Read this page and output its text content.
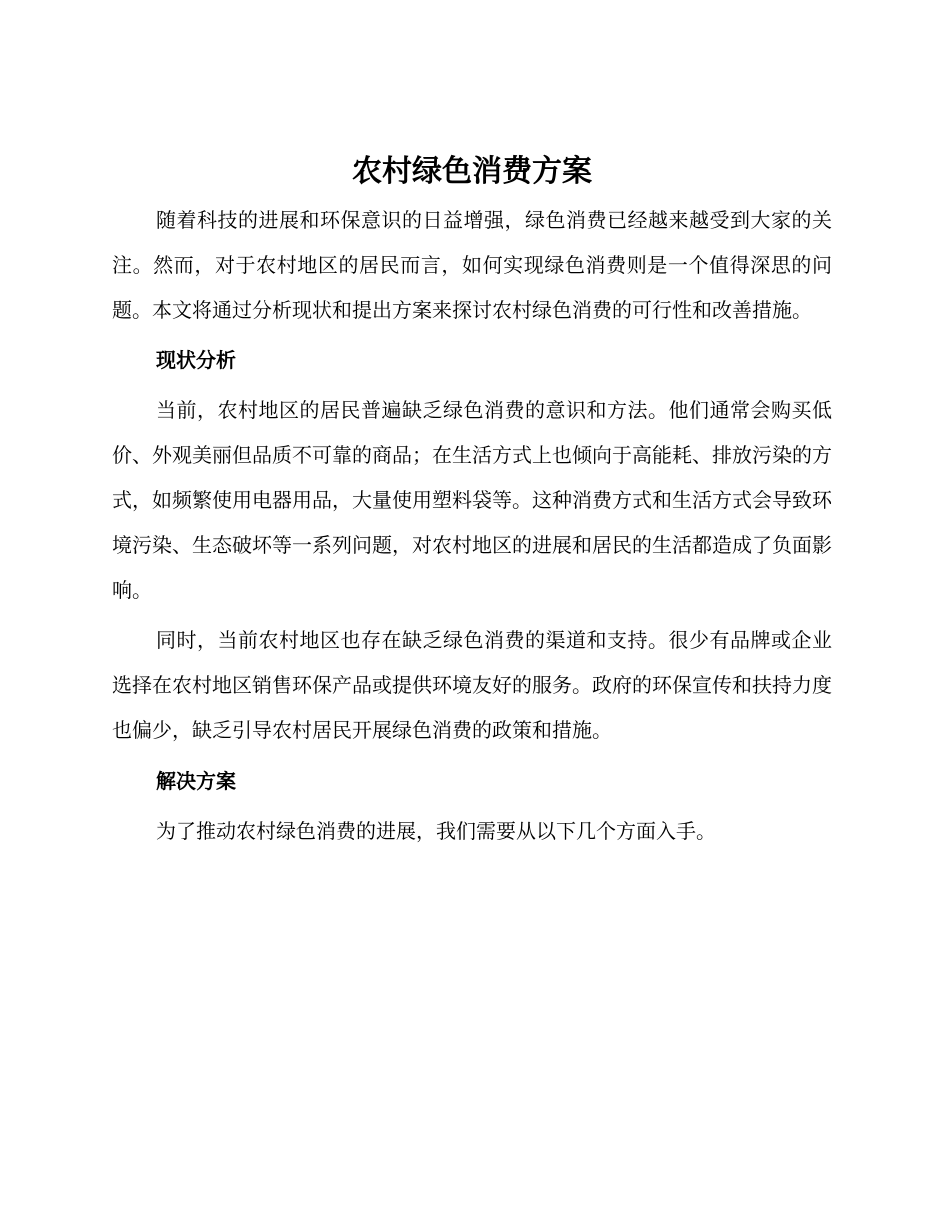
农村绿色消费方案

随着科技的进展和环保意识的日益增强，绿色消费已经越来越受到大家的关注。然而，对于农村地区的居民而言，如何实现绿色消费则是一个值得深思的问题。本文将通过分析现状和提出方案来探讨农村绿色消费的可行性和改善措施。

现状分析

当前，农村地区的居民普遍缺乏绿色消费的意识和方法。他们通常会购买低价、外观美丽但品质不可靠的商品；在生活方式上也倾向于高能耗、排放污染的方式，如频繁使用电器用品，大量使用塑料袋等。这种消费方式和生活方式会导致环境污染、生态破坏等一系列问题，对农村地区的进展和居民的生活都造成了负面影响。

同时，当前农村地区也存在缺乏绿色消费的渠道和支持。很少有品牌或企业选择在农村地区销售环保产品或提供环境友好的服务。政府的环保宣传和扶持力度也偏少，缺乏引导农村居民开展绿色消费的政策和措施。

解决方案

为了推动农村绿色消费的进展，我们需要从以下几个方面入手。
